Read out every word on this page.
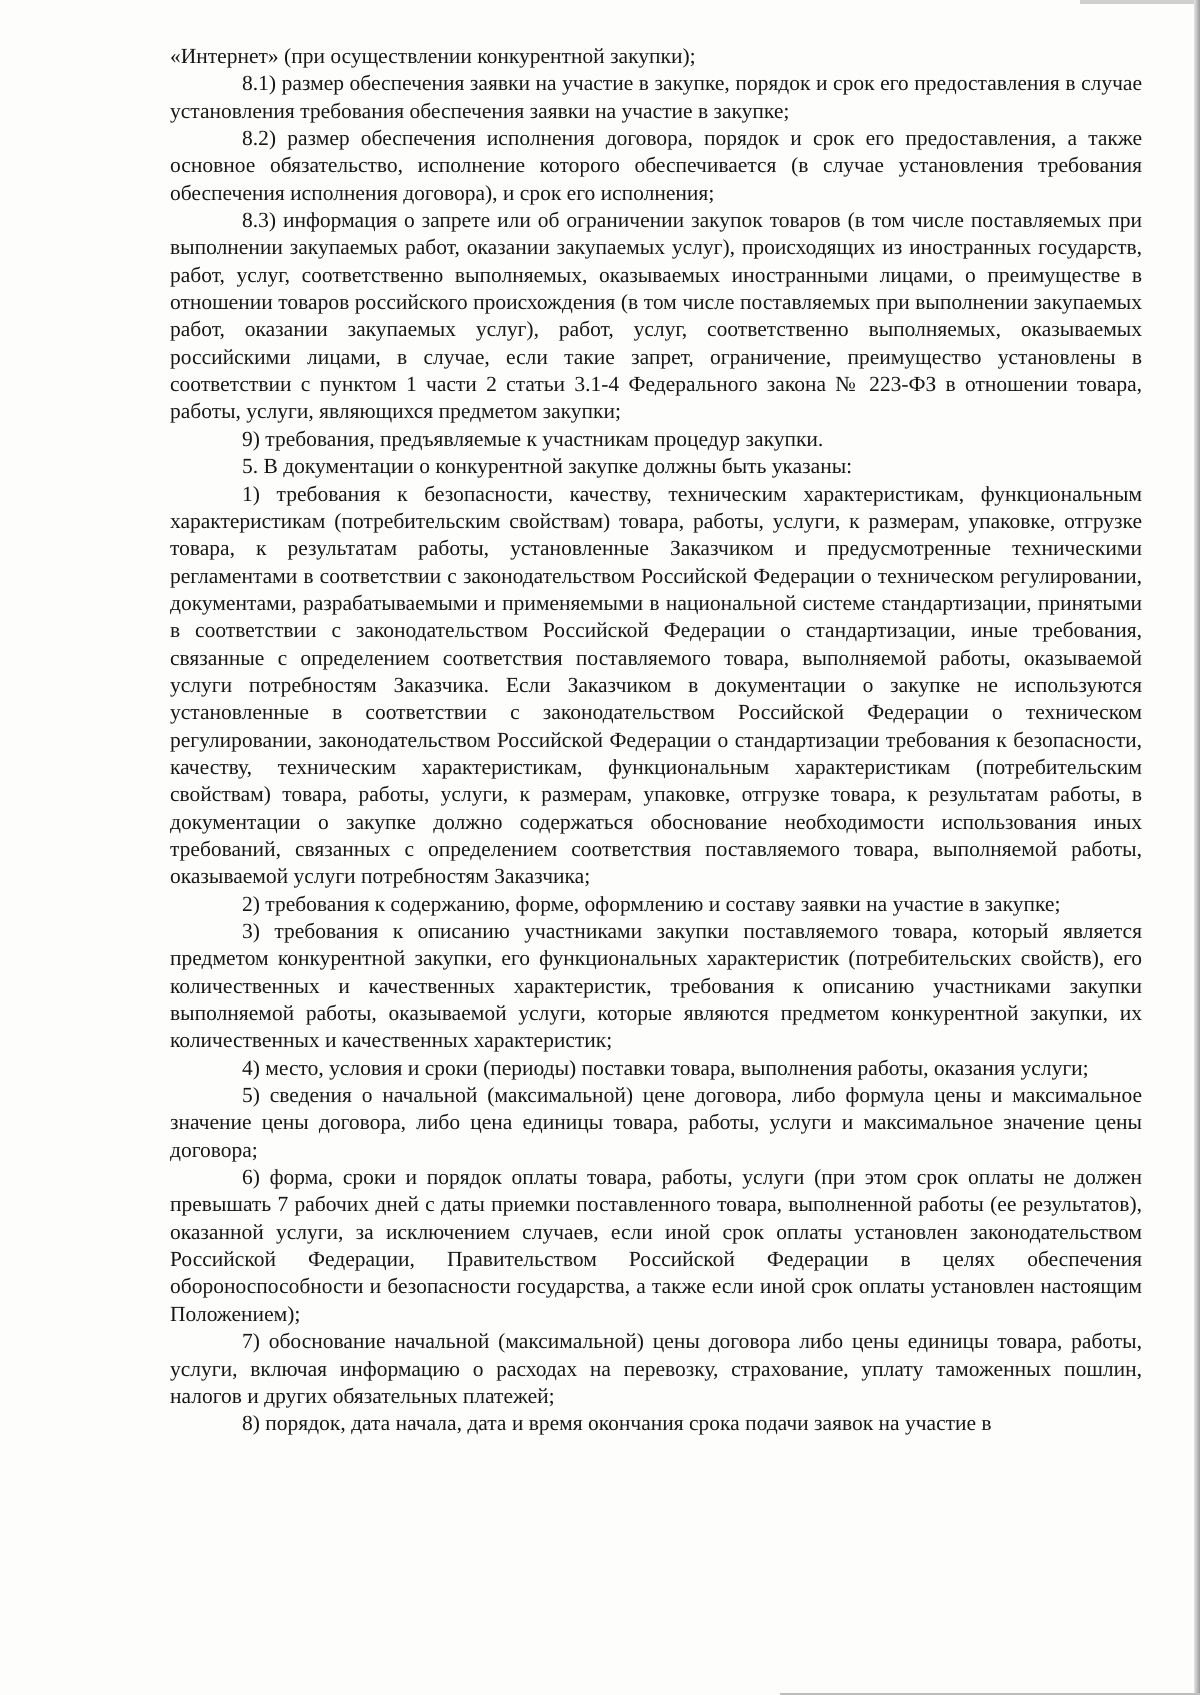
«Интернет» (при осуществлении конкурентной закупки);

8.1) размер обеспечения заявки на участие в закупке, порядок и срок его предоставления в случае установления требования обеспечения заявки на участие в закупке;

8.2) размер обеспечения исполнения договора, порядок и срок его предоставления, а также основное обязательство, исполнение которого обеспечивается (в случае установления требования обеспечения исполнения договора), и срок его исполнения;

8.3) информация о запрете или об ограничении закупок товаров (в том числе поставляемых при выполнении закупаемых работ, оказании закупаемых услуг), происходящих из иностранных государств, работ, услуг, соответственно выполняемых, оказываемых иностранными лицами, о преимуществе в отношении товаров российского происхождения (в том числе поставляемых при выполнении закупаемых работ, оказании закупаемых услуг), работ, услуг, соответственно выполняемых, оказываемых российскими лицами, в случае, если такие запрет, ограничение, преимущество установлены в соответствии с пунктом 1 части 2 статьи 3.1-4 Федерального закона № 223-ФЗ в отношении товара, работы, услуги, являющихся предметом закупки;

9) требования, предъявляемые к участникам процедур закупки.

5. В документации о конкурентной закупке должны быть указаны:

1) требования к безопасности, качеству, техническим характеристикам, функциональным характеристикам (потребительским свойствам) товара, работы, услуги, к размерам, упаковке, отгрузке товара, к результатам работы, установленные Заказчиком и предусмотренные техническими регламентами в соответствии с законодательством Российской Федерации о техническом регулировании, документами, разрабатываемыми и применяемыми в национальной системе стандартизации, принятыми в соответствии с законодательством Российской Федерации о стандартизации, иные требования, связанные с определением соответствия поставляемого товара, выполняемой работы, оказываемой услуги потребностям Заказчика. Если Заказчиком в документации о закупке не используются установленные в соответствии с законодательством Российской Федерации о техническом регулировании, законодательством Российской Федерации о стандартизации требования к безопасности, качеству, техническим характеристикам, функциональным характеристикам (потребительским свойствам) товара, работы, услуги, к размерам, упаковке, отгрузке товара, к результатам работы, в документации о закупке должно содержаться обоснование необходимости использования иных требований, связанных с определением соответствия поставляемого товара, выполняемой работы, оказываемой услуги потребностям Заказчика;

2) требования к содержанию, форме, оформлению и составу заявки на участие в закупке;

3) требования к описанию участниками закупки поставляемого товара, который является предметом конкурентной закупки, его функциональных характеристик (потребительских свойств), его количественных и качественных характеристик, требования к описанию участниками закупки выполняемой работы, оказываемой услуги, которые являются предметом конкурентной закупки, их количественных и качественных характеристик;

4) место, условия и сроки (периоды) поставки товара, выполнения работы, оказания услуги;

5) сведения о начальной (максимальной) цене договора, либо формула цены и максимальное значение цены договора, либо цена единицы товара, работы, услуги и максимальное значение цены договора;

6) форма, сроки и порядок оплаты товара, работы, услуги (при этом срок оплаты не должен превышать 7 рабочих дней с даты приемки поставленного товара, выполненной работы (ее результатов), оказанной услуги, за исключением случаев, если иной срок оплаты установлен законодательством Российской Федерации, Правительством Российской Федерации в целях обеспечения обороноспособности и безопасности государства, а также если иной срок оплаты установлен настоящим Положением);

7) обоснование начальной (максимальной) цены договора либо цены единицы товара, работы, услуги, включая информацию о расходах на перевозку, страхование, уплату таможенных пошлин, налогов и других обязательных платежей;

8) порядок, дата начала, дата и время окончания срока подачи заявок на участие в
